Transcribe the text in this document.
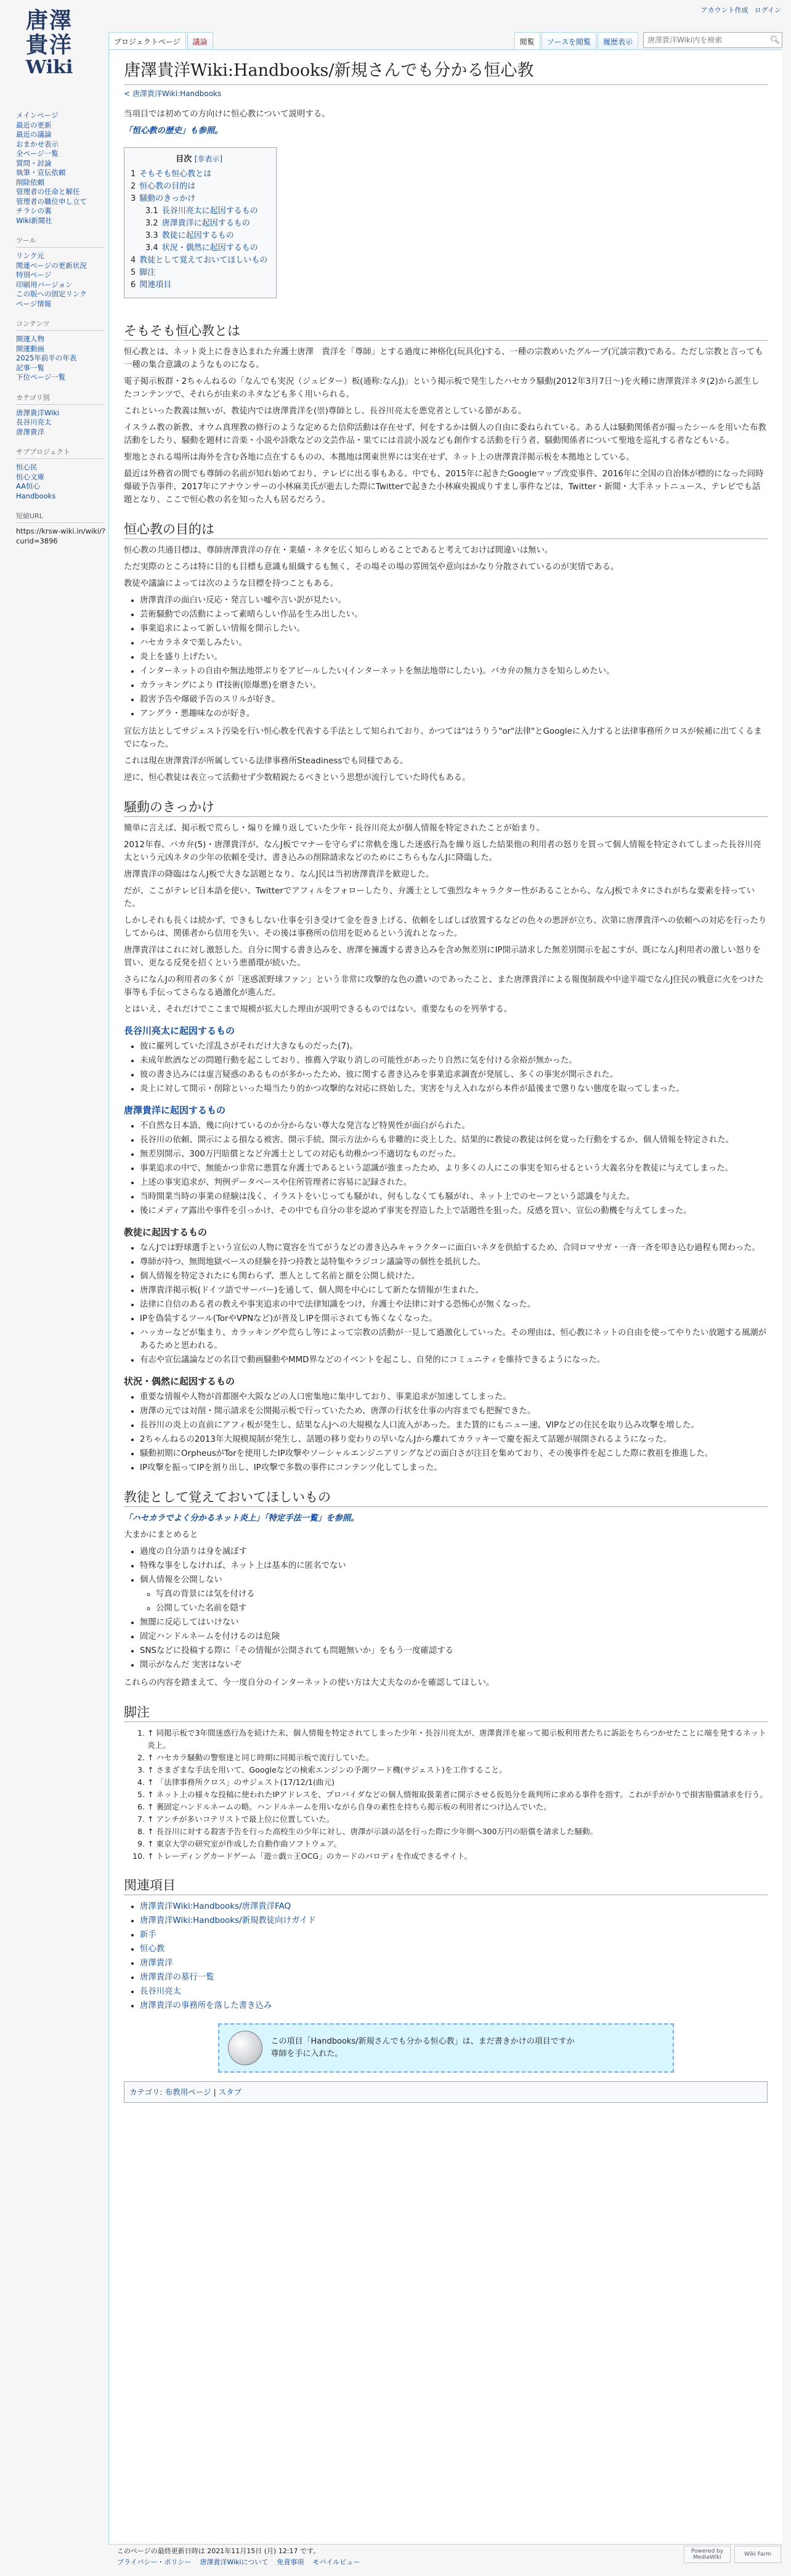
アカウント作成 ログイン
唐澤
貴洋
Wiki
プロジェクトページ	議論	閲覧	ソースを閲覧	履歴表示
唐澤貴洋Wiki内を検索	🔍︎
メインページ
最近の更新
最近の議論
おまかせ表示
全ページ一覧
質問・討論
執筆・宣伝依頼
削除依頼
管理者の任命と解任
管理者の職位申し立て
チラシの裏
Wiki新聞社
ツール
リンク元
関連ページの更新状況
特別ページ
印刷用バージョン
この版への固定リンク
ページ情報
コンテンツ
開運人物
開運動画
2025年前半の年表
記事一覧
下位ページ一覧
カテゴリ別
唐澤貴洋Wiki
長谷川亮太
唐澤貴洋
サブプロジェクト
恒心民
恒心文庫
AA恒心
Handbooks
短縮URL
https://krsw-wiki.in/wiki/?curid=3896
唐澤貴洋Wiki:Handbooks/新規さんでも分かる恒心教
< 唐澤貴洋Wiki:Handbooks

当項目では初めての方向けに恒心教について説明する。

「恒心教の歴史」も参照。

目次 [非表示]
1 そもそも恒心教とは
2 恒心教の目的は
3 騒動のきっかけ
3.1 長谷川亮太に起因するもの
3.2 唐澤貴洋に起因するもの
3.3 教徒に起因するもの
3.4 状況・偶然に起因するもの
4 教徒として覚えておいてほしいもの
5 脚注
6 関連項目
そもそも恒心教とは

恒心教とは、ネット炎上に巻き込まれた弁護士唐澤　貴洋を「尊師」とする過度に神格化(玩具化)する、一種の宗教めいたグループ(冗談宗教)である。ただし宗教と言っても一種の集合意識のようなものになる。

電子掲示板群・2ちゃんねるの「なんでも実況（ジュピター）板(通称:なんJ)」という掲示板で発生したハセカラ騒動(2012年3月7日〜)を火種に唐澤貴洋ネタ(2)から派生したコンテンツで、それらが由来のネタなども多く用いられる。

これといった教義は無いが、教徒内では唐澤貴洋を(崇)尊師とし、長谷川亮太を悪党者としている節がある。

イスラム教の新教、オウム真理教の修行のような定めるた信仰活動は存在せず、何をするかは個人の自由に委ねられている。ある人は騒動関係者が撮ったシールを用いた布教活動をしたり、騒動を題材に音楽・小説や詩歌などの文芸作品・果てには音読小説なども創作する活動を行う者、騒動関係者について聖地を巡礼する者などもいる。

聖地とされる場所は海外を含む各地に点在するものの、本拠地は関東世界には実在せず、ネット上の唐澤貴洋掲示板を本拠地としている。

最近は外務省の間でも尊師の名前が知れ始めており、テレビに出る事もある。中でも、2015年に起きたGoogleマップ改変事件、2016年に全国の自治体が標的になった同時爆破予告事件、2017年にアナウンサーの小林麻美氏が逝去した際にTwitterで起きた小林麻央親成りすまし事件などは、Twitter・新聞・大手ネットニュース、テレビでも話題となり、ここで恒心教の名を知った人も居るだろう。

恒心教の目的は

恒心教の共通目標は、尊師唐澤貴洋の存在・業績・ネタを広く知らしめることであると考えておけば間違いは無い。

ただ実際のところは特に目的も目標も意識も組織するも無く、その場その場の雰囲気や意向はかなり分散されているのが実情である。

教徒や議論によっては次のような目標を持つこともある。

• 唐澤貴洋の面白い反応・発言しい嘘や言い訳が見たい。
• 芸術騒動での活動によって素晴らしい作品を生み出したい。
• 事業追求によって新しい情報を開示したい。
• ハセカラネタで楽しみたい。
• 炎上を盛り上げたい。
• インターネットの自由や無法地帯ぶりをアピールしたい(インターネットを無法地帯にしたい)。バカ弁の無力さを知らしめたい。
• カラッキングにより IT技術(原爆悪)を磨きたい。
• 殺害予告や爆破予告のスリルが好き。
• アングラ・悪趣味なのが好き。

宣伝方法としてサジェスト汚染を行い恒心教を代表する手法として知られており、かつては"はうりう"or"法律"とGoogleに入力すると法律事務所クロスが候補に出てくるまでになった。

これは現在唐澤貴洋が所属している法律事務所Steadinessでも同様である。

逆に、恒心教徒は表立って活動せず少数精鋭たるべきという思想が流行していた時代もある。

騒動のきっかけ

簡単に言えば、掲示板で荒らし・煽りを繰り返していた少年・長谷川亮太が個人情報を特定されたことが始まり。

2012年春、バカ弁(5)・唐澤貴洋が、なんJ板でマナーを守らずに常軌を逸した迷惑行為を繰り返した結果他の利用者の怒りを買って個人情報を特定されてしまった長谷川亮太という元凶ネタの少年の依頼を受け、書き込みの削除請求などのためにこちらもなんJに降臨した。

唐澤貴洋の降臨はなんJ板で大きな話題となり、なんJ民は当初唐澤貴洋を歓迎した。

だが、ここがテレビ日本語を使い、Twitterでアフィルをフォローしたり、弁護士として強烈なキャラクター性があることから、なんJ板でネタにされがちな要素を持っていた。

しかしそれも長くは続かず、できもしない仕事を引き受けて金を巻き上げる、依頼をしばしば放置するなどの色々の悪評が立ち、次第に唐澤貴洋への依頼への対応を行ったりしてからは、関係者から信用を失い、その後は事務所の信用を貶めるという流れとなった。

唐澤貴洋はこれに対し激怒した。自分に関する書き込みを、唐澤を擁護する書き込みを含め無差別にIP開示請求した無差別開示を起こすが、既になんJ利用者の激しい怒りを買い、更なる反発を招くという悪循環が続いた。

さらになんJの利用者の多くが「迷惑派野球ファン」という非常に攻撃的な色の濃いのであったこと、また唐澤貴洋による報復制裁や中途半端でなんJ住民の戦意に火をつけた事等も手伝ってさらなる過激化が進んだ。

とはいえ、それだけでここまで規模が拡大した理由が説明できるものではない。重要なものを列挙する。

長谷川亮太に起因するもの
• 彼に羅列していた淫乱さがそれだけ大きなものだった(7)。
• 未成年飲酒などの問題行動を起こしており、推薦入学取り消しの可能性があったり自然に気を付ける余裕が無かった。
• 彼の書き込みには虚言疑惑のあるものが多かったため、彼に関する書き込みを事業追求調査が発展し、多くの事実が開示された。
• 炎上に対して開示・削除といった場当たり的かつ攻撃的な対応に終始した。実害を与え入れながら本件が最後まで懲りない態度を取ってしまった。
唐澤貴洋に起因するもの
• 不自然な日本語、幾に向けているのか分からない尊大な発言など特異性が面白がられた。
• 長谷川の依頼、開示による損なる被害、開示手続、開示方法からも非難的に炎上した。結果的に教徒の教徒は何を覚った行動をするか、個人情報を特定された。
• 無差別開示、300万円賠償となど弁護士としての対応も幼稚かつ不適切なものだった。
• 事業追求の中で、無能かつ非常に悪質な弁護士であるという認識が強まったため、より多くの人にこの事実を知らせるという大義名分を教徒に与えてしまった。
• 上述の事実追求が、判例データベースや住所管理者に容易に記録された。
• 当時開業当時の事業の経験は浅く、イラストをいじっても騒がれ、何もしなくても騒がれ、ネット上でのセーフという認識を与えた。
• 後にメディア露出や事件を引っかけ、その中でも自分の非を認めず事実を捏造した上で話題性を狙った。反感を買い、宣伝の動機を与えてしまった。
教徒に起因するもの
• なんJでは野球選手という宣伝の人物に寛容を当てがうなどの書き込みキャラクターに面白いネタを供給するため、合同ロマサガ・一斉一斉を叩き込む過程も関わった。
• 尊師が持つ、無間地獄ベースの経験を持つ持教と誌特集やラジコン議論等の個性を抵抗した。
• 個人情報を特定されたにも関わらず、悪人として名前と顔を公開し続けた。
• 唐澤貴洋掲示板(ドイツ語でサーバー)を通して、個人間を中心にして新たな情報が生まれた。
• 法律に自信のある者の教えや事実追求の中で法律知識をつけ、弁護士や法律に対する恐怖心が無くなった。
• IPを偽装するツール(TorやVPNなど)が普及しIPを開示されても怖くなくなった。
• ハッカーなどが集まり、カラッキングや荒らし等によって宗教の活動が一見して過激化していった。その理由は、恒心教にネットの自由を使ってやりたい放題する風潮があるためと思われる。
• 有志や宣伝議論などの名目で動画騒動やMMD界などのイベントを起こし、自発的にコミュニティを維持できるようになった。
状況・偶然に起因するもの
• 重要な情報や人物が首都圏や大阪などの人口密集地に集中しており、事業追求が加速してしまった。
• 唐澤の元では対削・開示請求を公開掲示板で行っていたため、唐澤の行状を仕事の内容までも把握できた。
• 長谷川の炎上の直前にアフィ板が発生し、結果なんJへの大規模な人口流入があった。また賃的にもニュー速、VIPなどの住民を取り込み攻撃を増した。
• 2ちゃんねるの2013年大規模規制が発生し、話題の移り変わりの早いなんJから離れてカラッキーで慶を振えて話題が展開されるようになった。
• 騒動初期にOrpheusがTorを使用したIP攻撃やソーシャルエンジニアリングなどの面白さが注目を集めており、その後事件を起こした際に教祖を推進した。
• IP攻撃を振ってIPを割り出し、IP攻撃で多数の事件にコンテンツ化してしまった。
教徒として覚えておいてほしいもの

「ハセカラでよく分かるネット炎上」「特定手法一覧」を参照。

大まかにまとめると

• 過度の自分語りは身を滅ぼす
• 特殊な事をしなければ、ネット上は基本的に匿名でない
• 個人情報を公開しない
◦ 写真の背景には気を付ける
◦ 公開していた名前を隠す
• 無闇に反応してはいけない
• 固定ハンドルネームを付けるのは危険
• SNSなどに投稿する際に「その情報が公開されても問題無いか」をもう一度確認する
• 開示がなんだ 実害はないぞ

これらの内容を踏まえて、今一度自分のインターネットの使い方は大丈夫なのかを確認してほしい。

脚注
1. ↑ 同掲示板で3年間迷惑行為を続けた末、個人情報を特定されてしまった少年・長谷川亮太が、唐澤貴洋を雇って掲示板利用者たちに訴訟をちらつかせたことに端を発するネット炎上。
2. ↑ ハセカラ騒動の警察達と同じ時期に同掲示板で流行していた。
3. ↑ さまざまな手法を用いて、Googleなどの検索エンジンの予測ワード機(サジェスト)を工作すること。
4. ↑ 「法律事務所クロス」のサジェスト(17/12/1(曲元)
5. ↑ ネット上の様々な投稿に使われたIPアドレスを、プロバイダなどの個人情報取扱業者に開示させる仮処分を裁判所に求める事件を指す。これが手がかりで損害賠償請求を行う。
6. ↑ 裏固定ハンドルネームの略。ハンドルネームを用いながら自身の素性を持ちら掲示板の利用者につけ込んでいた。
7. ↑ アンチが多いコテリストで最上位に位置していた。
8. ↑ 長谷川に対する殺害予告を行った高校生の少年に対し、唐澤が示談の話を行った際に少年側へ300万円の賠償を請求した騒動。
9. ↑ 東京大学の研究室が作成した自動作曲ソフトウェア。
10. ↑ トレーディングカードゲーム「遊☆戯☆王OCG」のカードのパロディを作成できるサイト。
関連項目
• 唐澤貴洋Wiki:Handbooks/唐澤貴洋FAQ
• 唐澤貴洋Wiki:Handbooks/新規教徒向けガイド
• 新手
• 恒心教
• 唐澤貴洋
• 唐澤貴洋の墓行一覧
• 長谷川亮太
• 唐澤貴洋の事務所を落した書き込み
この項目「Handbooks/新規さんでも分かる恒心教」は、まだ書きかけの項目ですか
尊師を手に入れた。
カテゴリ: 布教用ページ | スタブ
このページの最終更新日時は 2021年11月15日 (月) 12:17 です。
プライバシー・ポリシー 唐澤貴洋Wikiについて 免責事項 モバイルビュー
Powered by MediaWiki	Wiki Farm
